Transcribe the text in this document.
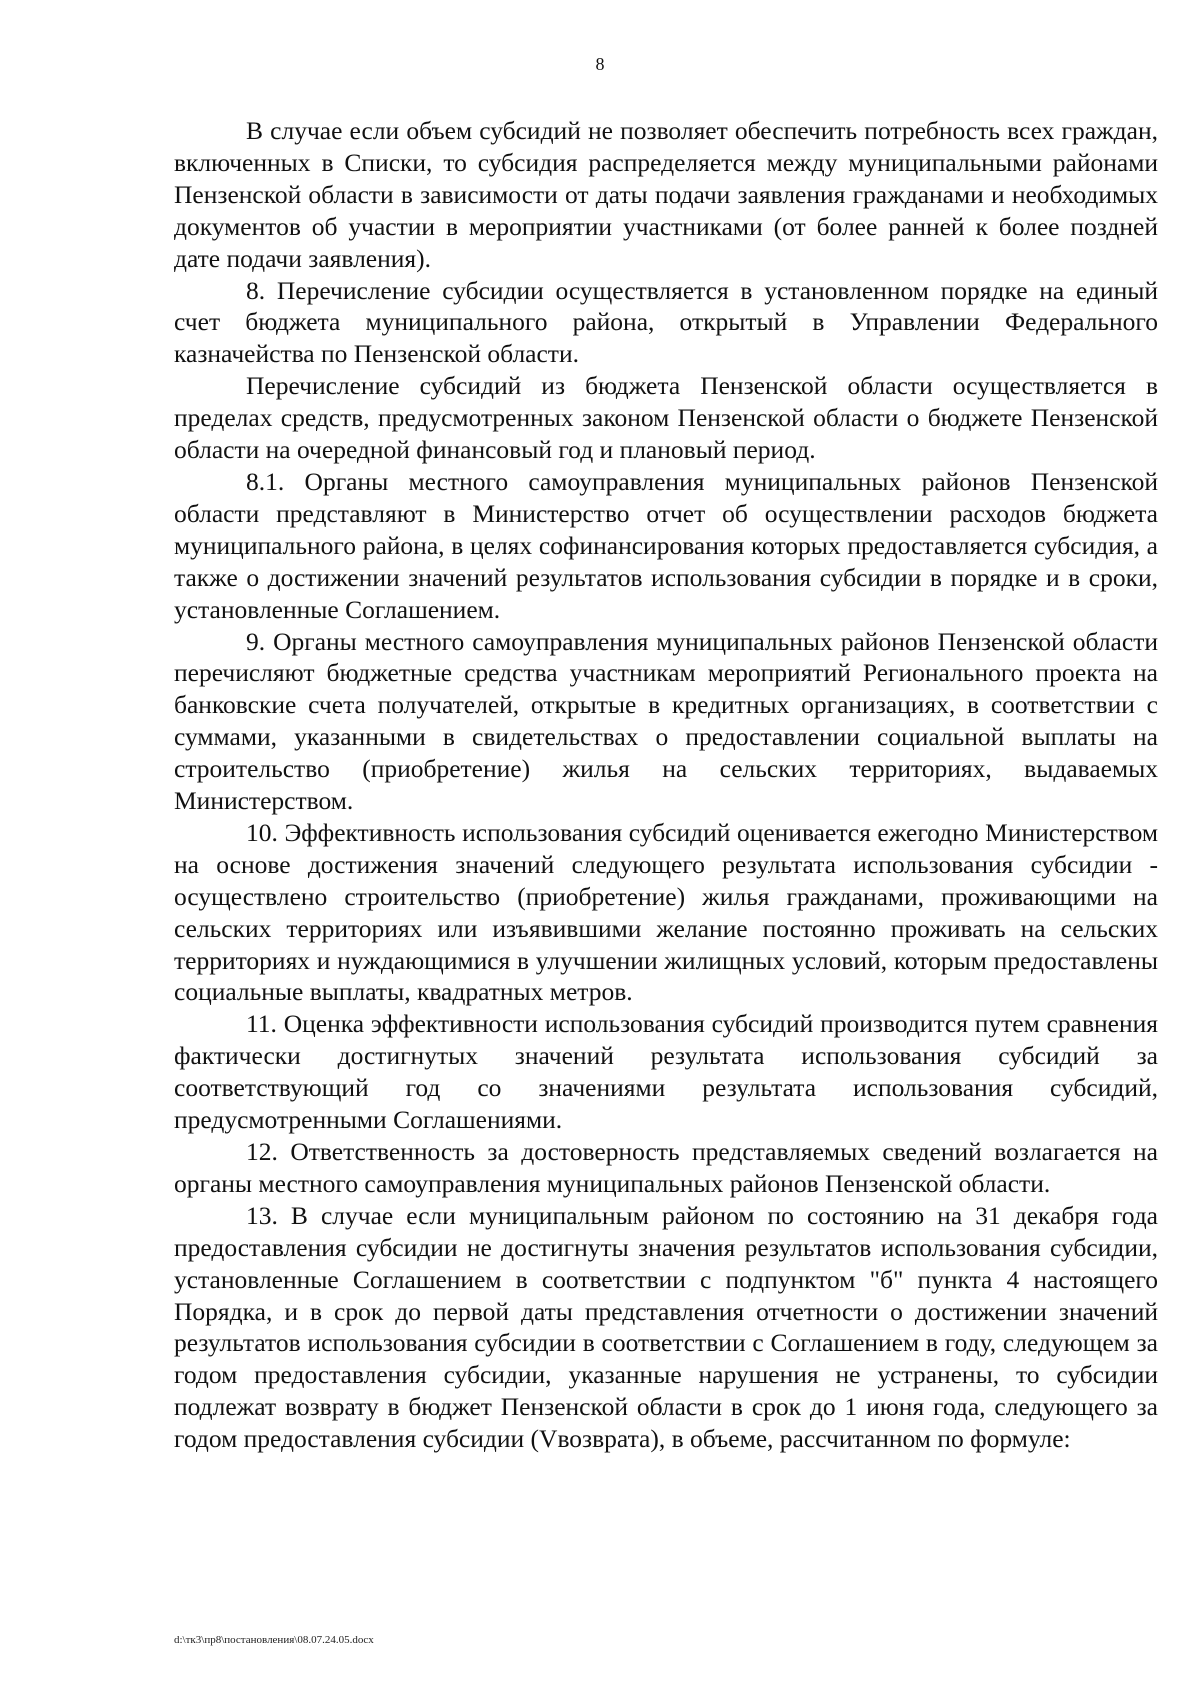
8

В случае если объем субсидий не позволяет обеспечить потребность всех граждан, включенных в Списки, то субсидия распределяется между муниципальными районами Пензенской области в зависимости от даты подачи заявления гражданами и необходимых документов об участии в мероприятии участниками (от более ранней к более поздней дате подачи заявления).

8. Перечисление субсидии осуществляется в установленном порядке на единый счет бюджета муниципального района, открытый в Управлении Федерального казначейства по Пензенской области.

Перечисление субсидий из бюджета Пензенской области осуществляется в пределах средств, предусмотренных законом Пензенской области о бюджете Пензенской области на очередной финансовый год и плановый период.

8.1. Органы местного самоуправления муниципальных районов Пензенской области представляют в Министерство отчет об осуществлении расходов бюджета муниципального района, в целях софинансирования которых предоставляется субсидия, а также о достижении значений результатов использования субсидии в порядке и в сроки, установленные Соглашением.

9. Органы местного самоуправления муниципальных районов Пензенской области перечисляют бюджетные средства участникам мероприятий Регионального проекта на банковские счета получателей, открытые в кредитных организациях, в соответствии с суммами, указанными в свидетельствах о предоставлении социальной выплаты на строительство (приобретение) жилья на сельских территориях, выдаваемых Министерством.

10. Эффективность использования субсидий оценивается ежегодно Министерством на основе достижения значений следующего результата использования субсидии - осуществлено строительство (приобретение) жилья гражданами, проживающими на сельских территориях или изъявившими желание постоянно проживать на сельских территориях и нуждающимися в улучшении жилищных условий, которым предоставлены социальные выплаты, квадратных метров.

11. Оценка эффективности использования субсидий производится путем сравнения фактически достигнутых значений результата использования субсидий за соответствующий год со значениями результата использования субсидий, предусмотренными Соглашениями.

12. Ответственность за достоверность представляемых сведений возлагается на органы местного самоуправления муниципальных районов Пензенской области.

13. В случае если муниципальным районом по состоянию на 31 декабря года предоставления субсидии не достигнуты значения результатов использования субсидии, установленные Соглашением в соответствии с подпунктом "б" пункта 4 настоящего Порядка, и в срок до первой даты представления отчетности о достижении значений результатов использования субсидии в соответствии с Соглашением в году, следующем за годом предоставления субсидии, указанные нарушения не устранены, то субсидии подлежат возврату в бюджет Пензенской области в срок до 1 июня года, следующего за годом предоставления субсидии (Vвозврата), в объеме, рассчитанном по формуле:

d:\тк3\пр8\постановления\08.07.24.05.docx
